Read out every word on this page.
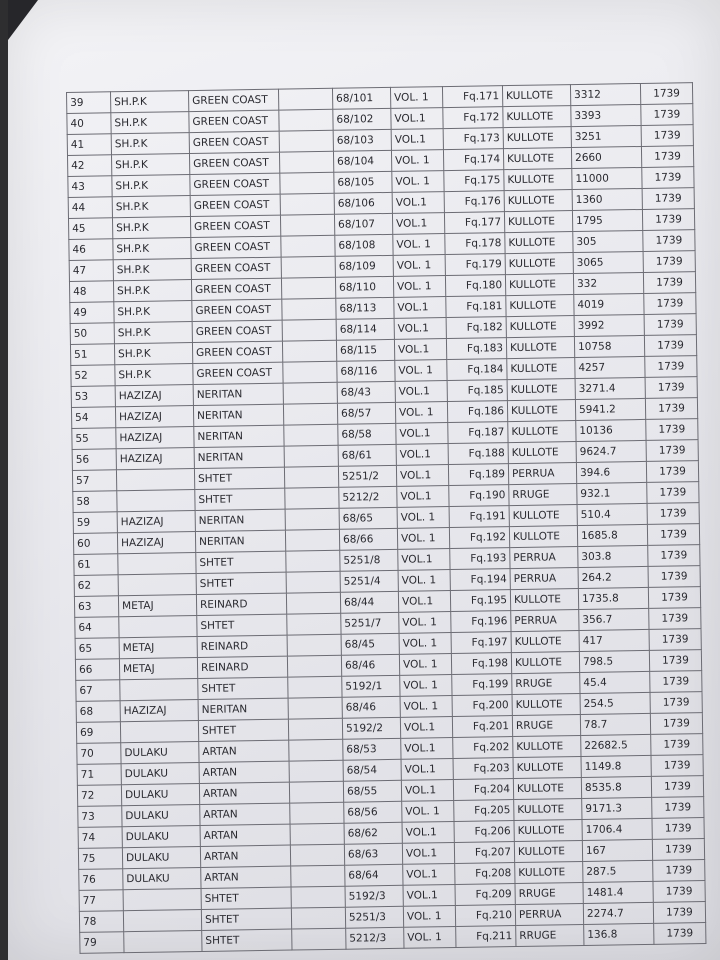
39	SH.P.K	GREEN COAST		68/101	VOL. 1	Fq.171	KULLOTE	3312	1739
40	SH.P.K	GREEN COAST		68/102	VOL.1	Fq.172	KULLOTE	3393	1739
41	SH.P.K	GREEN COAST		68/103	VOL.1	Fq.173	KULLOTE	3251	1739
42	SH.P.K	GREEN COAST		68/104	VOL. 1	Fq.174	KULLOTE	2660	1739
43	SH.P.K	GREEN COAST		68/105	VOL. 1	Fq.175	KULLOTE	11000	1739
44	SH.P.K	GREEN COAST		68/106	VOL.1	Fq.176	KULLOTE	1360	1739
45	SH.P.K	GREEN COAST		68/107	VOL.1	Fq.177	KULLOTE	1795	1739
46	SH.P.K	GREEN COAST		68/108	VOL. 1	Fq.178	KULLOTE	305	1739
47	SH.P.K	GREEN COAST		68/109	VOL. 1	Fq.179	KULLOTE	3065	1739
48	SH.P.K	GREEN COAST		68/110	VOL. 1	Fq.180	KULLOTE	332	1739
49	SH.P.K	GREEN COAST		68/113	VOL.1	Fq.181	KULLOTE	4019	1739
50	SH.P.K	GREEN COAST		68/114	VOL.1	Fq.182	KULLOTE	3992	1739
51	SH.P.K	GREEN COAST		68/115	VOL.1	Fq.183	KULLOTE	10758	1739
52	SH.P.K	GREEN COAST		68/116	VOL. 1	Fq.184	KULLOTE	4257	1739
53	HAZIZAJ	NERITAN		68/43	VOL.1	Fq.185	KULLOTE	3271.4	1739
54	HAZIZAJ	NERITAN		68/57	VOL. 1	Fq.186	KULLOTE	5941.2	1739
55	HAZIZAJ	NERITAN		68/58	VOL.1	Fq.187	KULLOTE	10136	1739
56	HAZIZAJ	NERITAN		68/61	VOL.1	Fq.188	KULLOTE	9624.7	1739
57		SHTET		5251/2	VOL.1	Fq.189	PERRUA	394.6	1739
58		SHTET		5212/2	VOL.1	Fq.190	RRUGE	932.1	1739
59	HAZIZAJ	NERITAN		68/65	VOL. 1	Fq.191	KULLOTE	510.4	1739
60	HAZIZAJ	NERITAN		68/66	VOL. 1	Fq.192	KULLOTE	1685.8	1739
61		SHTET		5251/8	VOL.1	Fq.193	PERRUA	303.8	1739
62		SHTET		5251/4	VOL. 1	Fq.194	PERRUA	264.2	1739
63	METAJ	REINARD		68/44	VOL.1	Fq.195	KULLOTE	1735.8	1739
64		SHTET		5251/7	VOL. 1	Fq.196	PERRUA	356.7	1739
65	METAJ	REINARD		68/45	VOL. 1	Fq.197	KULLOTE	417	1739
66	METAJ	REINARD		68/46	VOL. 1	Fq.198	KULLOTE	798.5	1739
67		SHTET		5192/1	VOL. 1	Fq.199	RRUGE	45.4	1739
68	HAZIZAJ	NERITAN		68/46	VOL. 1	Fq.200	KULLOTE	254.5	1739
69		SHTET		5192/2	VOL.1	Fq.201	RRUGE	78.7	1739
70	DULAKU	ARTAN		68/53	VOL.1	Fq.202	KULLOTE	22682.5	1739
71	DULAKU	ARTAN		68/54	VOL.1	Fq.203	KULLOTE	1149.8	1739
72	DULAKU	ARTAN		68/55	VOL.1	Fq.204	KULLOTE	8535.8	1739
73	DULAKU	ARTAN		68/56	VOL. 1	Fq.205	KULLOTE	9171.3	1739
74	DULAKU	ARTAN		68/62	VOL.1	Fq.206	KULLOTE	1706.4	1739
75	DULAKU	ARTAN		68/63	VOL.1	Fq.207	KULLOTE	167	1739
76	DULAKU	ARTAN		68/64	VOL.1	Fq.208	KULLOTE	287.5	1739
77		SHTET		5192/3	VOL.1	Fq.209	RRUGE	1481.4	1739
78		SHTET		5251/3	VOL. 1	Fq.210	PERRUA	2274.7	1739
79		SHTET		5212/3	VOL. 1	Fq.211	RRUGE	136.8	1739
